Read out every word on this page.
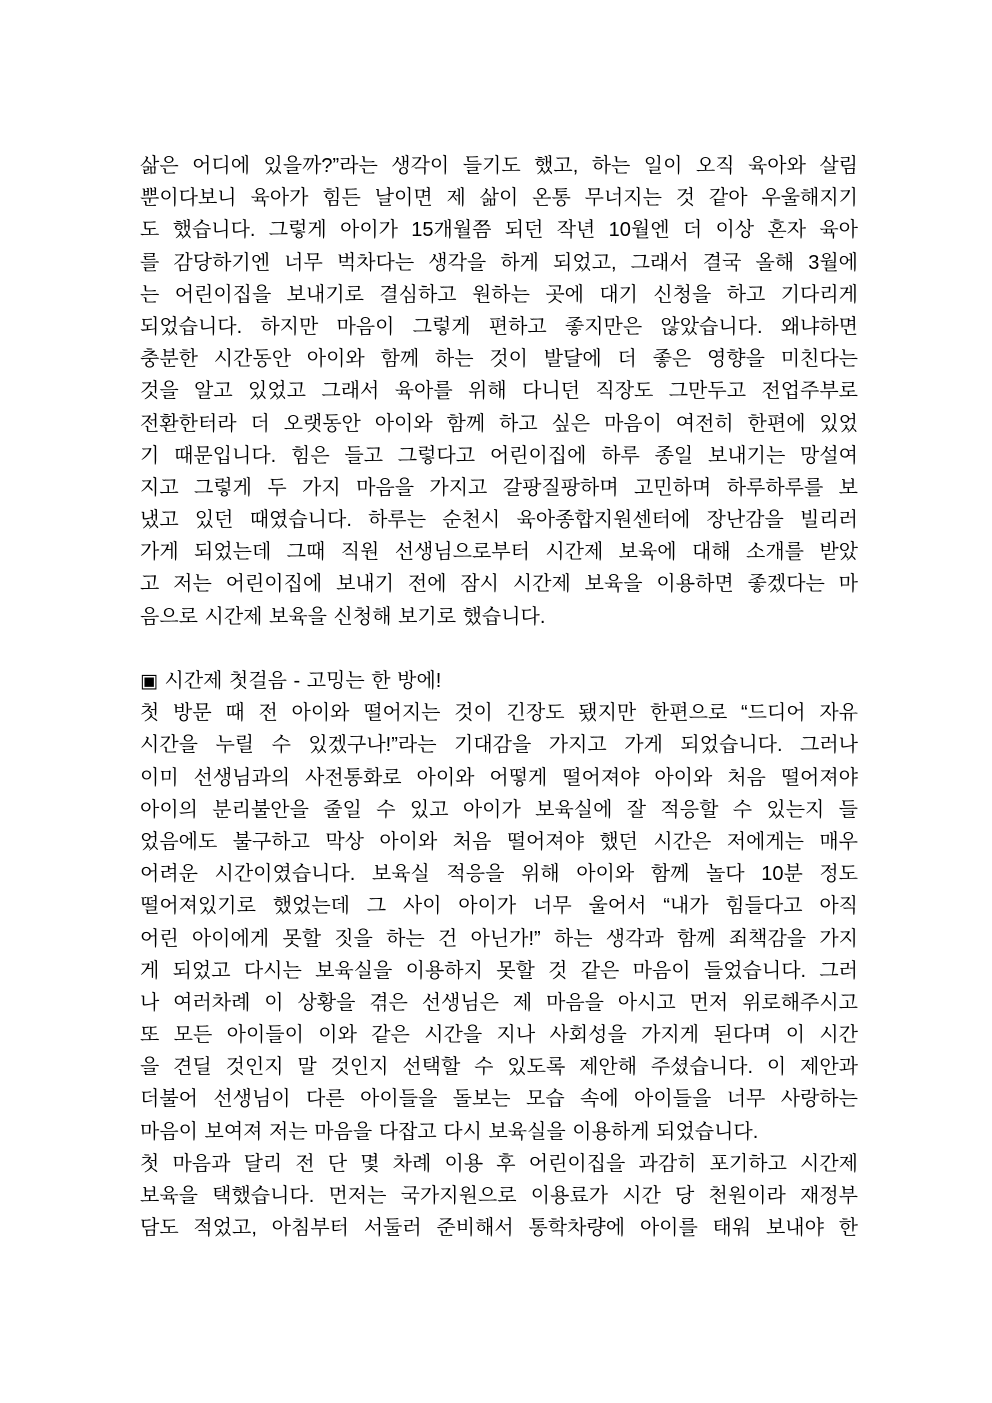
삶은 어디에 있을까?”라는 생각이 들기도 했고, 하는 일이 오직 육아와 살림
뿐이다보니 육아가 힘든 날이면 제 삶이 온통 무너지는 것 같아 우울해지기
도 했습니다. 그렇게 아이가 15개월쯤 되던 작년 10월엔 더 이상 혼자 육아
를 감당하기엔 너무 벅차다는 생각을 하게 되었고, 그래서 결국 올해 3월에
는 어린이집을 보내기로 결심하고 원하는 곳에 대기 신청을 하고 기다리게
되었습니다. 하지만 마음이 그렇게 편하고 좋지만은 않았습니다. 왜냐하면
충분한 시간동안 아이와 함께 하는 것이 발달에 더 좋은 영향을 미친다는
것을 알고 있었고 그래서 육아를 위해 다니던 직장도 그만두고 전업주부로
전환한터라 더 오랫동안 아이와 함께 하고 싶은 마음이 여전히 한편에 있었
기 때문입니다. 힘은 들고 그렇다고 어린이집에 하루 종일 보내기는 망설여
지고 그렇게 두 가지 마음을 가지고 갈팡질팡하며 고민하며 하루하루를 보
냈고 있던 때였습니다. 하루는 순천시 육아종합지원센터에 장난감을 빌리러
가게 되었는데 그때 직원 선생님으로부터 시간제 보육에 대해 소개를 받았
고 저는 어린이집에 보내기 전에 잠시 시간제 보육을 이용하면 좋겠다는 마
음으로 시간제 보육을 신청해 보기로 했습니다.
▣ 시간제 첫걸음 - 고밍는 한 방에!
첫 방문 때 전 아이와 떨어지는 것이 긴장도 됐지만 한편으로 “드디어 자유
시간을 누릴 수 있겠구나!”라는 기대감을 가지고 가게 되었습니다. 그러나
이미 선생님과의 사전통화로 아이와 어떻게 떨어져야 아이와 처음 떨어져야
아이의 분리불안을 줄일 수 있고 아이가 보육실에 잘 적응할 수 있는지 들
었음에도 불구하고 막상 아이와 처음 떨어져야 했던 시간은 저에게는 매우
어려운 시간이였습니다. 보육실 적응을 위해 아이와 함께 놀다 10분 정도
떨어져있기로 했었는데 그 사이 아이가 너무 울어서 “내가 힘들다고 아직
어린 아이에게 못할 짓을 하는 건 아닌가!” 하는 생각과 함께 죄책감을 가지
게 되었고 다시는 보육실을 이용하지 못할 것 같은 마음이 들었습니다. 그러
나 여러차례 이 상황을 겪은 선생님은 제 마음을 아시고 먼저 위로해주시고
또 모든 아이들이 이와 같은 시간을 지나 사회성을 가지게 된다며 이 시간
을 견딜 것인지 말 것인지 선택할 수 있도록 제안해 주셨습니다. 이 제안과
더불어 선생님이 다른 아이들을 돌보는 모습 속에 아이들을 너무 사랑하는
마음이 보여져 저는 마음을 다잡고 다시 보육실을 이용하게 되었습니다.
첫 마음과 달리 전 단 몇 차례 이용 후 어린이집을 과감히 포기하고 시간제
보육을 택했습니다. 먼저는 국가지원으로 이용료가 시간 당 천원이라 재정부
담도 적었고, 아침부터 서둘러 준비해서 통학차량에 아이를 태워 보내야 한
